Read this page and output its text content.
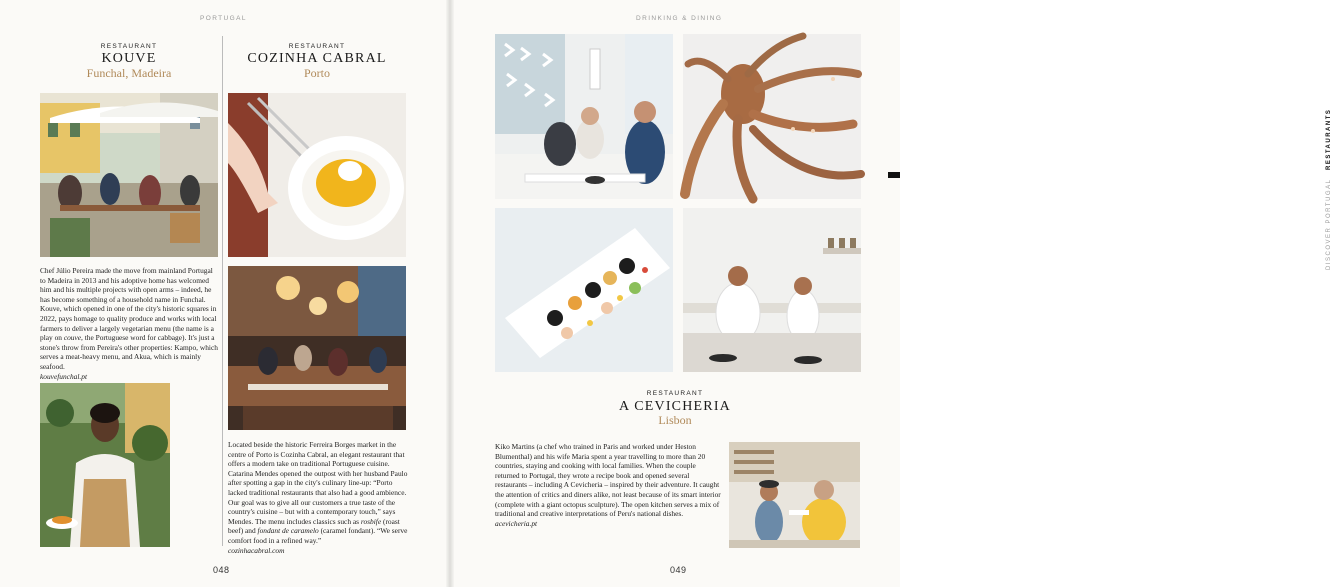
PORTUGAL
RESTAURANT
KOUVE
Funchal, Madeira

Chef Júlio Pereira made the move from mainland Portugal to Madeira in 2013 and his adoptive home has welcomed him and his multiple projects with open arms – indeed, he has become something of a household name in Funchal. Kouve, which opened in one of the city's historic squares in 2022, pays homage to quality produce and works with local farmers to deliver a largely vegetarian menu (the name is a play on couve, the Portuguese word for cabbage). It's just a stone's throw from Pereira's other properties: Kampo, which serves a meat-heavy menu, and Akua, which is mainly seafood.
kouvefunchal.pt

RESTAURANT
COZINHA CABRAL
Porto

Located beside the historic Ferreira Borges market in the centre of Porto is Cozinha Cabral, an elegant restaurant that offers a modern take on traditional Portuguese cuisine. Catarina Mendes opened the outpost with her husband Paulo after spotting a gap in the city's culinary line-up: “Porto lacked traditional restaurants that also had a good ambience. Our goal was to give all our customers a true taste of the country's cuisine – but with a contemporary touch,” says Mendes. The menu includes classics such as rosbife (roast beef) and fondant de caramelo (caramel fondant). “We serve comfort food in a refined way.”
cozinhacabral.com

048
DRINKING & DINING
RESTAURANT
A CEVICHERIA
Lisbon

Kiko Martins (a chef who trained in Paris and worked under Heston Blumenthal) and his wife Maria spent a year travelling to more than 20 countries, staying and cooking with local families. When the couple returned to Portugal, they wrote a recipe book and opened several restaurants – including A Cevicheria – inspired by their adventure. It caught the attention of critics and diners alike, not least because of its smart interior (complete with a giant octopus sculpture). The open kitchen serves a mix of traditional and creative interpretations of Peru's national dishes.
acevicheria.pt

DISCOVER PORTUGAL
RESTAURANTS
049
